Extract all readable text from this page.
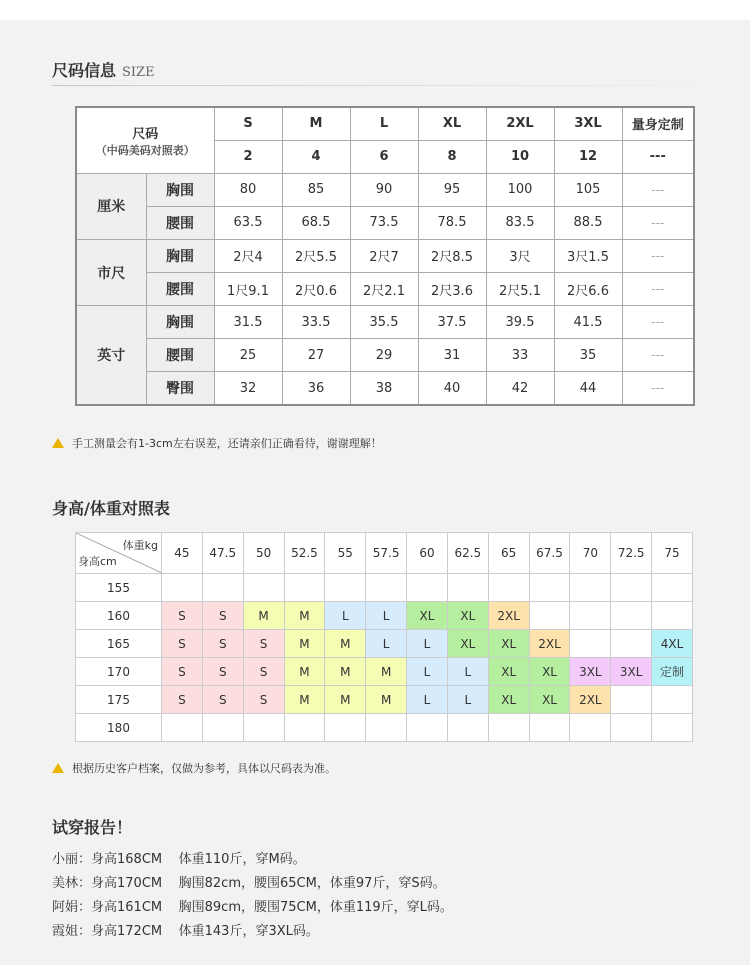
尺码信息 SIZE
尺码
（中码美码对照表）		S	M	L	XL	2XL	3XL	量身定制
		2	4	6	8	10	12	---
厘米	胸围	80	85	90	95	100	105	---
	腰围	63.5	68.5	73.5	78.5	83.5	88.5	---
市尺	胸围	2尺4	2尺5.5	2尺7	2尺8.5	3尺	3尺1.5	---
	腰围	1尺9.1	2尺0.6	2尺2.1	2尺3.6	2尺5.1	2尺6.6	---
英寸	胸围	31.5	33.5	35.5	37.5	39.5	41.5	---
	腰围	25	27	29	31	33	35	---
	臀围	32	36	38	40	42	44	---
手工测量会有1-3cm左右误差，还请亲们正确看待，谢谢理解！
身高/体重对照表
体重kg
身高cm	45	47.5	50	52.5	55	57.5	60	62.5	65	67.5	70	72.5	75
155													
160	S	S	M	M	L	L	XL	XL	2XL				
165	S	S	S	M	M	L	L	XL	XL	2XL			4XL
170	S	S	S	M	M	M	L	L	XL	XL	3XL	3XL	定制
175	S	S	S	M	M	M	L	L	XL	XL	2XL		
180													
根据历史客户档案，仅做为参考，具体以尺码表为准。
试穿报告！
小丽：身高168CM 体重110斤，穿M码。
美林：身高170CM 胸围82cm，腰围65CM，体重97斤，穿S码。
阿娟：身高161CM 胸围89cm，腰围75CM，体重119斤，穿L码。
霞姐：身高172CM 体重143斤，穿3XL码。
